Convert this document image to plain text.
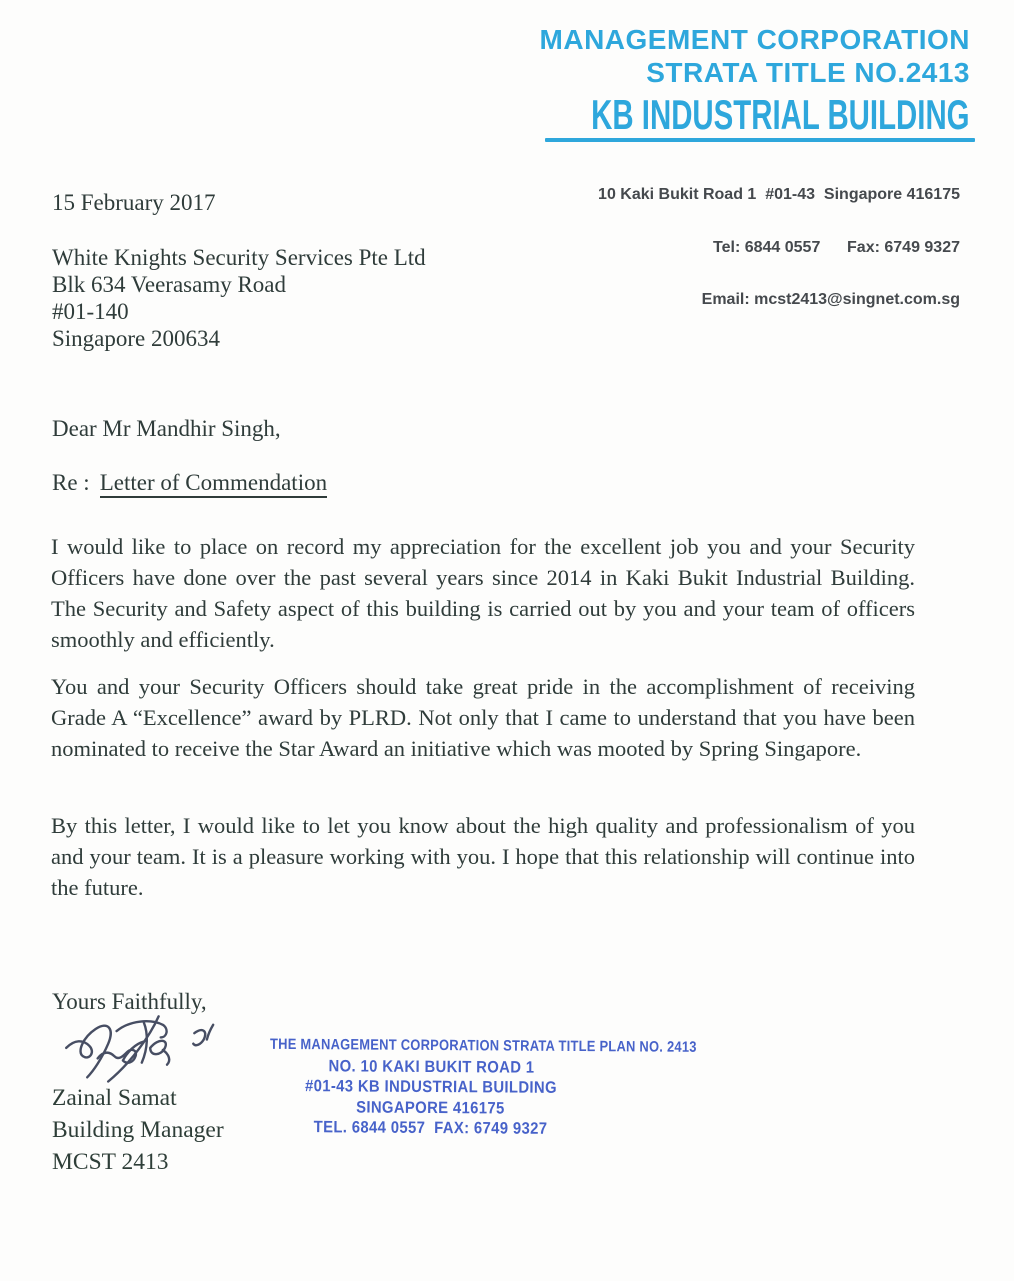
MANAGEMENT CORPORATION
STRATA TITLE NO.2413
KB INDUSTRIAL BUILDING

10 Kaki Bukit Road 1  #01-43  Singapore 416175

Tel: 6844 0557      Fax: 6749 9327

Email: mcst2413@singnet.com.sg

15 February 2017
White Knights Security Services Pte Ltd
Blk 634 Veerasamy Road
#01-140
Singapore 200634
Dear Mr Mandhir Singh,
Re : Letter of Commendation
I would like to place on record my appreciation for the excellent job you and your Security Officers have done over the past several years since 2014 in Kaki Bukit Industrial Building. The Security and Safety aspect of this building is carried out by you and your team of officers smoothly and efficiently.
You and your Security Officers should take great pride in the accomplishment of receiving Grade A “Excellence” award by PLRD. Not only that I came to understand that you have been nominated to receive the Star Award an initiative which was mooted by Spring Singapore.
By this letter, I would like to let you know about the high quality and professionalism of you and your team. It is a pleasure working with you. I hope that this relationship will continue into the future.
Yours Faithfully,
Zainal Samat
Building Manager
MCST 2413
THE MANAGEMENT CORPORATION STRATA TITLE PLAN NO. 2413
NO. 10 KAKI BUKIT ROAD 1
#01-43 KB INDUSTRIAL BUILDING
SINGAPORE 416175
TEL. 6844 0557  FAX: 6749 9327
